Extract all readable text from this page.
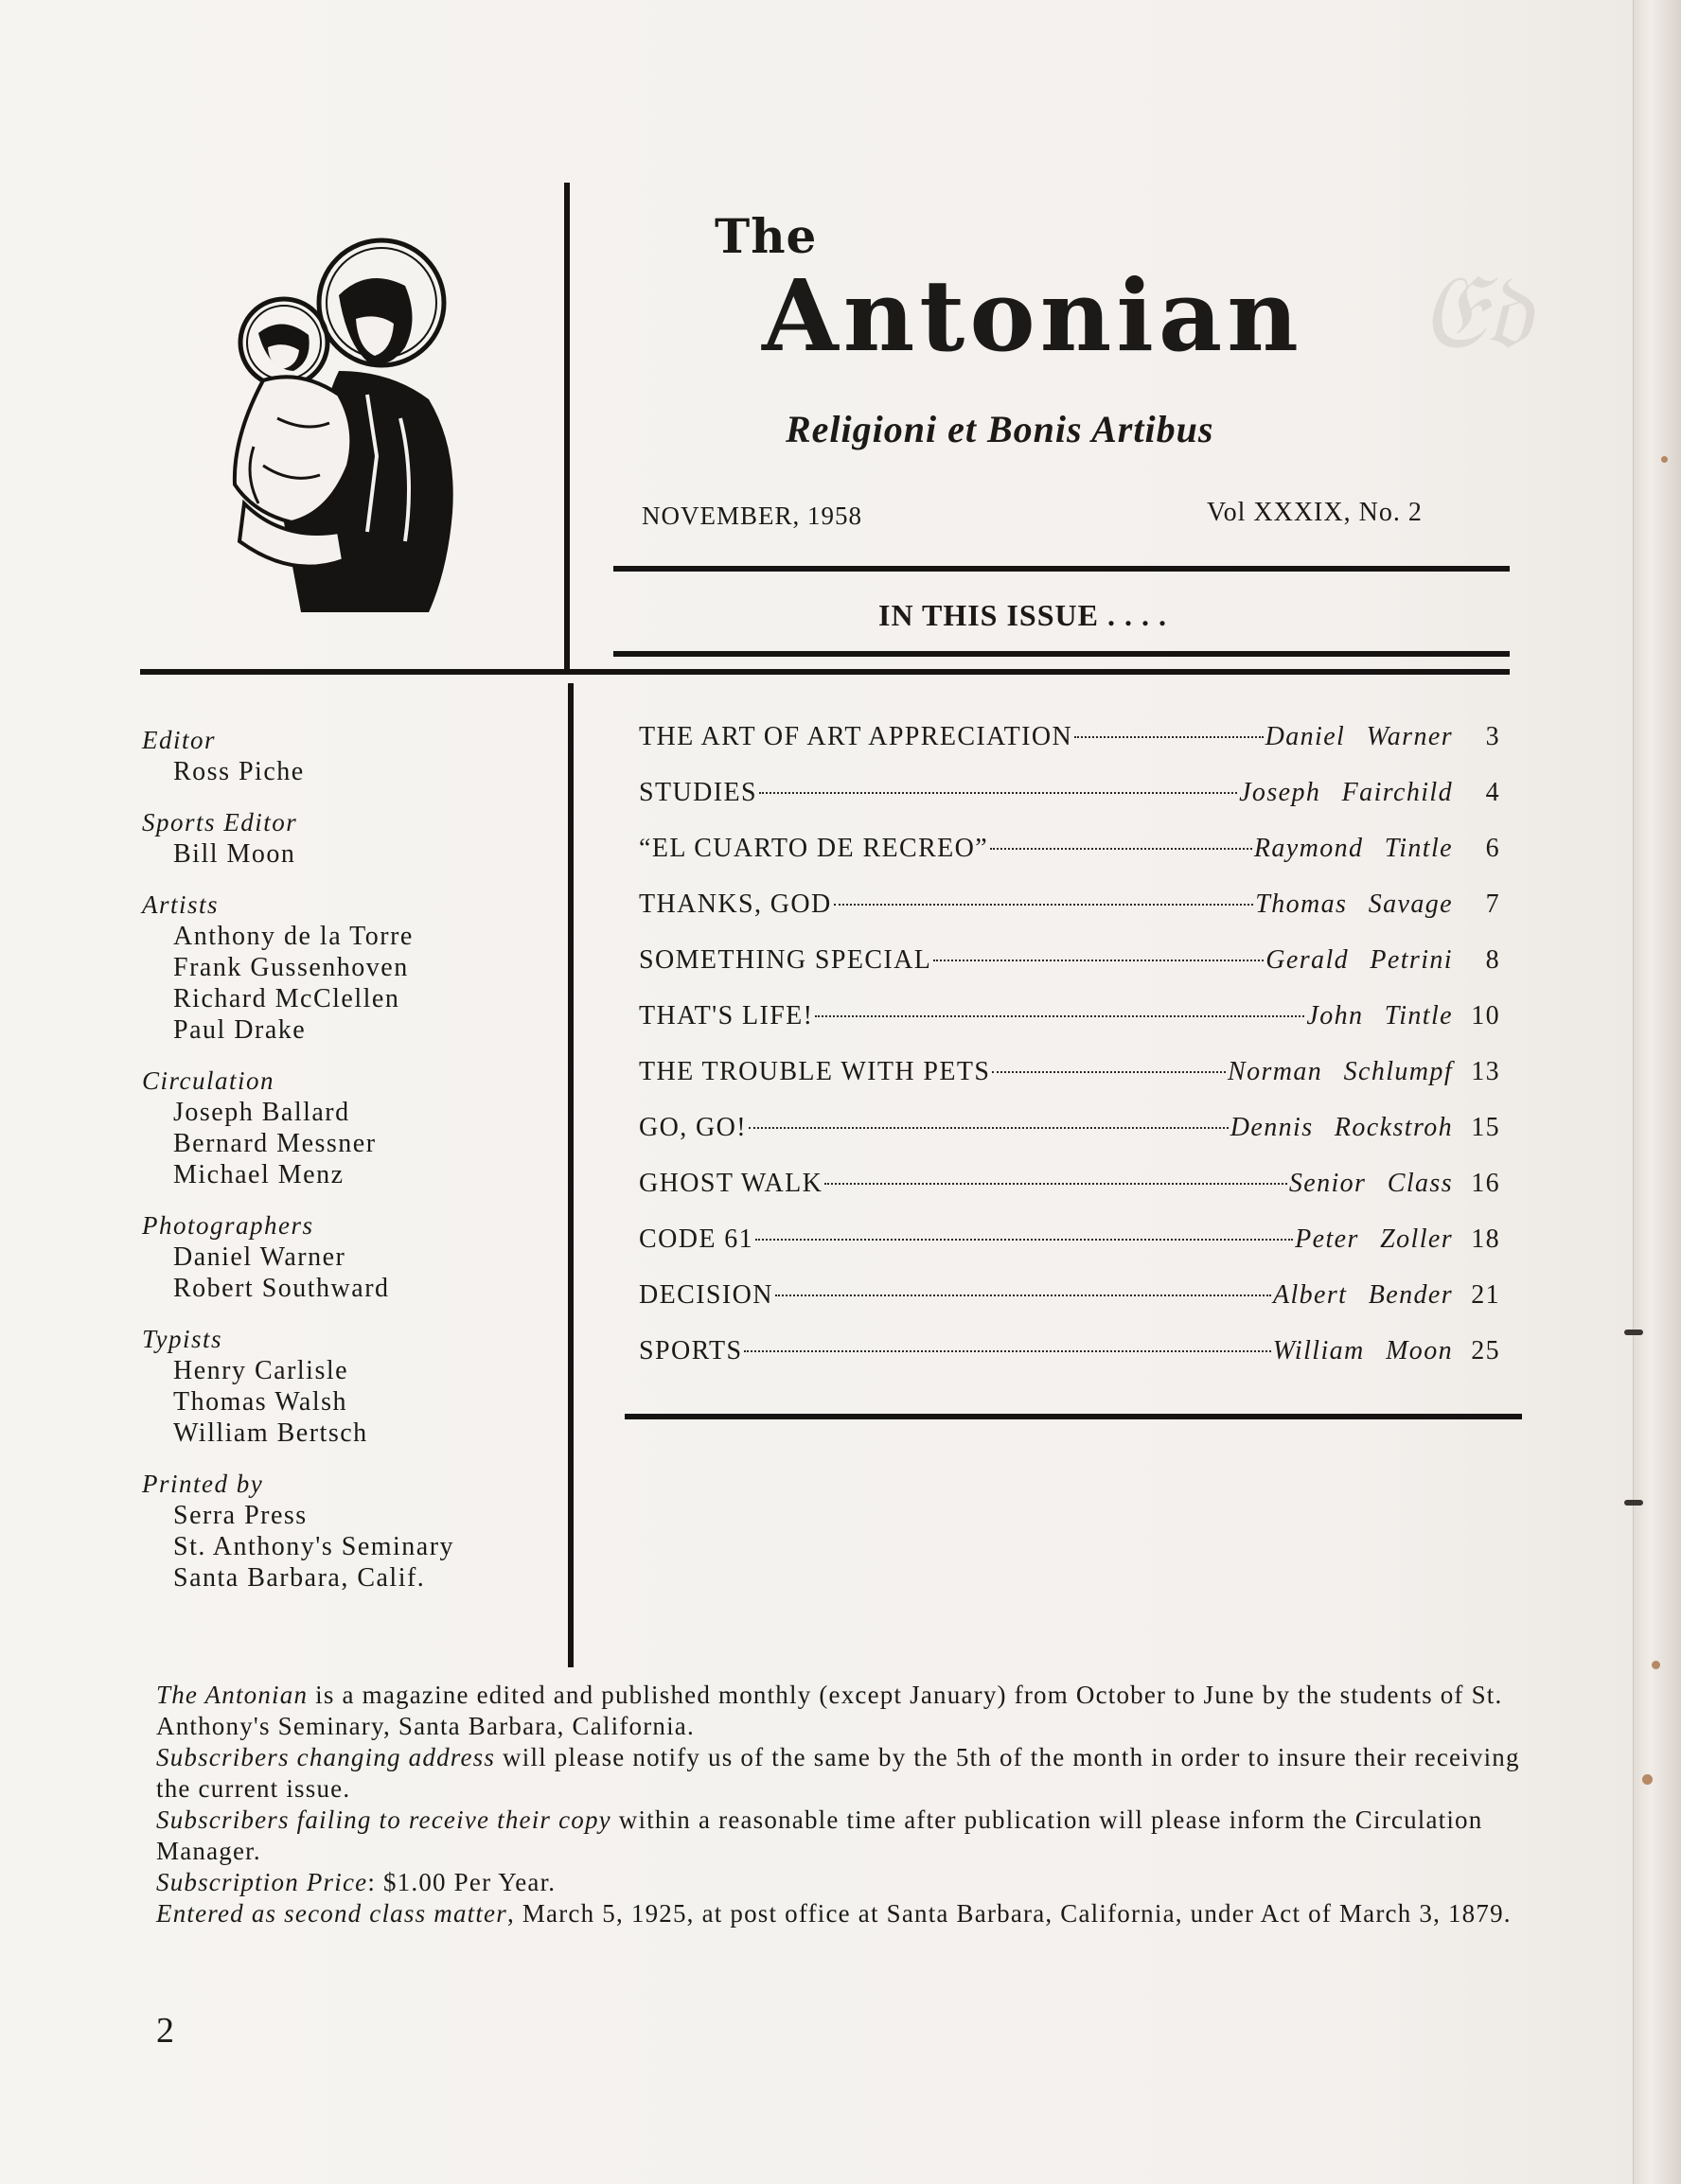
𝔈𝔡
The
Antonian
Religioni et Bonis Artibus
NOVEMBER, 1958	Vol XXXIX, No. 2
IN THIS ISSUE . . . .
Editor
Ross Piche
Sports Editor
Bill Moon
Artists
Anthony de la Torre
Frank Gussenhoven
Richard McClellen
Paul Drake
Circulation
Joseph Ballard
Bernard Messner
Michael Menz
Photographers
Daniel Warner
Robert Southward
Typists
Henry Carlisle
Thomas Walsh
William Bertsch
Printed by
Serra Press
St. Anthony's Seminary
Santa Barbara, Calif.
THE ART OF ART APPRECIATION	Daniel Warner	3
STUDIES	Joseph Fairchild	4
“EL CUARTO DE RECREO”	Raymond Tintle	6
THANKS, GOD	Thomas Savage	7
SOMETHING SPECIAL	Gerald Petrini	8
THAT'S LIFE!	John Tintle 10
THE TROUBLE WITH PETS	Norman Schlumpf 13
GO, GO!	Dennis Rockstroh 15
GHOST WALK	Senior Class 16
CODE 61	Peter Zoller 18
DECISION	Albert Bender 21
SPORTS	William Moon 25

The Antonian is a magazine edited and published monthly (except January) from October to June by the students of St. Anthony's Seminary, Santa Barbara, California.

Subscribers changing address will please notify us of the same by the 5th of the month in order to insure their receiving the current issue.

Subscribers failing to receive their copy within a reasonable time after publication will please inform the Circulation Manager.

Subscription Price: $1.00 Per Year.

Entered as second class matter, March 5, 1925, at post office at Santa Barbara, California, under Act of March 3, 1879.

2
